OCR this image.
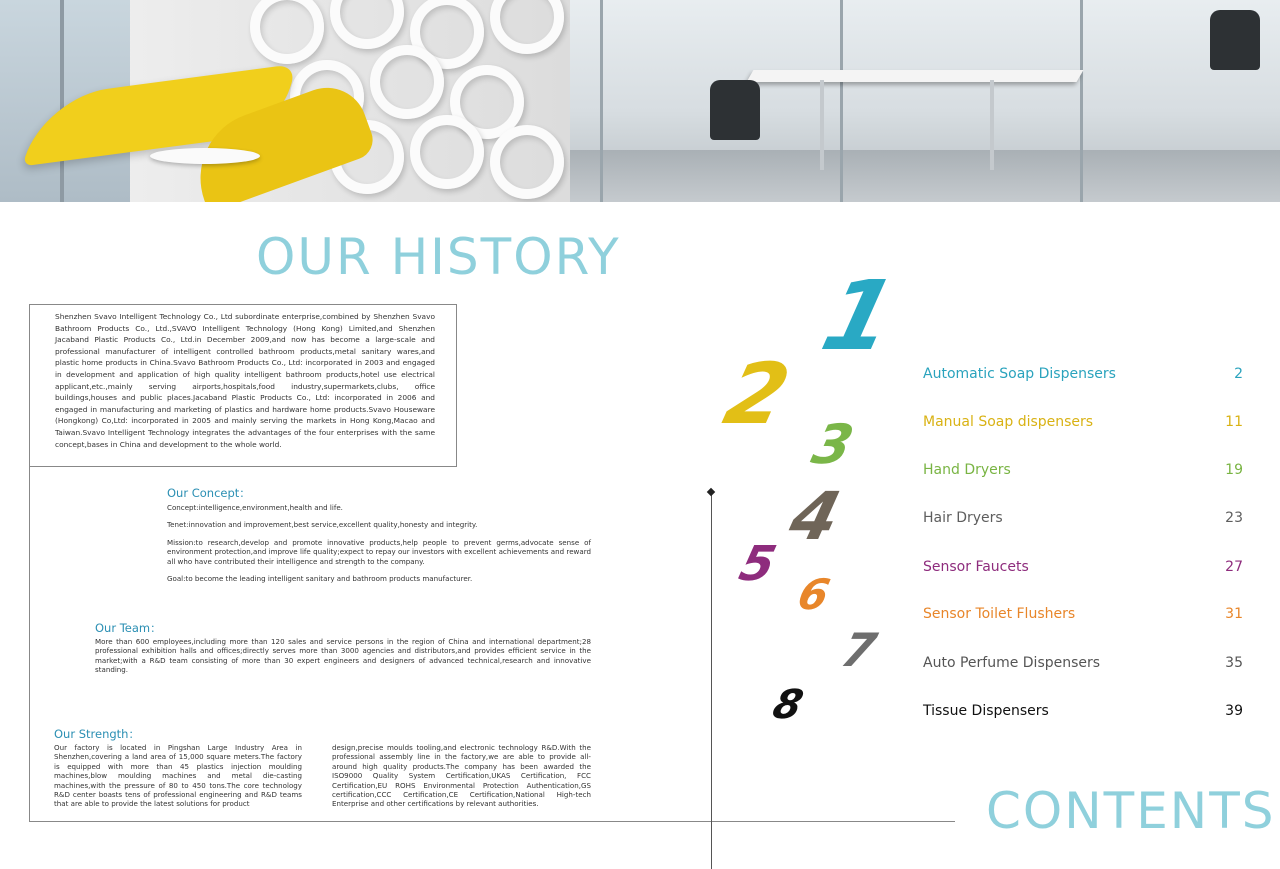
OUR HISTORY
CONTENTS
Shenzhen Svavo Intelligent Technology Co., Ltd subordinate enterprise,combined by Shenzhen Svavo Bathroom Products Co., Ltd.,SVAVO Intelligent Technology (Hong Kong) Limited,and Shenzhen Jacaband Plastic Products Co., Ltd.in December 2009,and now has become a large-scale and professional manufacturer of intelligent controlled bathroom products,metal sanitary wares,and plastic home products in China.Svavo Bathroom Products Co., Ltd: incorporated in 2003 and engaged in development and application of high quality intelligent bathroom products,hotel use electrical applicant,etc.,mainly serving airports,hospitals,food industry,supermarkets,clubs, office buildings,houses and public places.Jacaband Plastic Products Co., Ltd: incorporated in 2006 and engaged in manufacturing and marketing of plastics and hardware home products.Svavo Houseware (Hongkong) Co,Ltd: incorporated in 2005 and mainly serving the markets in Hong Kong,Macao and Taiwan.Svavo Intelligent Technology integrates the advantages of the four enterprises with the same concept,bases in China and development to the whole world.
Our Concept：

Concept:intelligence,environment,health and life.

Tenet:innovation and improvement,best service,excellent quality,honesty and integrity.

Mission:to research,develop and promote innovative products,help people to prevent germs,advocate sense of environment protection,and improve life quality;expect to repay our investors with excellent achievements and reward all who have contributed their intelligence and strength to the company.

Goal:to become the leading intelligent sanitary and bathroom products manufacturer.

Our Team：
More than 600 employees,including more than 120 sales and service persons in the region of China and international department;28 professional exhibition halls and offices;directly serves more than 3000 agencies and distributors,and provides efficient service in the market;with a R&D team consisting of more than 30 expert engineers and designers of advanced technical,research and innovative standing.
Our Strength：
Our factory is located in Pingshan Large Industry Area in Shenzhen,covering a land area of 15,000 square meters.The factory is equipped with more than 45 plastics injection moulding machines,blow moulding machines and metal die-casting machines,with the pressure of 80 to 450 tons.The core technology R&D center boasts tens of professional engineering and R&D teams that are able to provide the latest solutions for product
design,precise moulds tooling,and electronic technology R&D.With the professional assembly line in the factory,we are able to provide all-around high quality products.The company has been awarded the ISO9000 Quality System Certification,UKAS Certification, FCC Certification,EU ROHS Environmental Protection Authentication,GS certification,CCC Certification,CE Certification,National High-tech Enterprise and other certifications by relevant authorities.
1
2
3
4
5
6
7
8
Automatic Soap Dispensers	2
Manual Soap dispensers	11
Hand Dryers	19
Hair Dryers	23
Sensor Faucets	27
Sensor Toilet Flushers	31
Auto Perfume Dispensers	35
Tissue Dispensers	39
